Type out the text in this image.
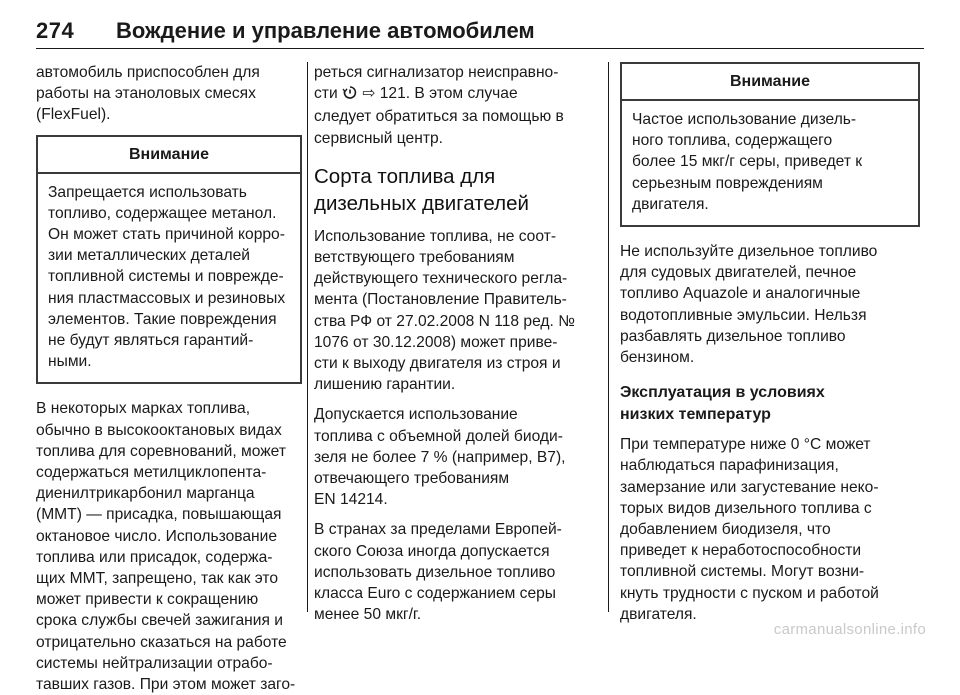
274 Вождение и управление автомобилем

автомобиль приспособлен для
работы на этаноловых смесях
(FlexFuel).

Внимание
Запрещается использовать
топливо, содержащее метанол.
Он может стать причиной корро-
зии металлических деталей
топливной системы и поврежде-
ния пластмассовых и резиновых
элементов. Такие повреждения
не будут являться гарантий-
ными.

В некоторых марках топлива,
обычно в высокооктановых видах
топлива для соревнований, может
содержаться метилциклопента-
диенилтрикарбонил марганца
(ММТ) — присадка, повышающая
октановое число. Использование
топлива или присадок, содержа-
щих ММТ, запрещено, так как это
может привести к сокращению
срока службы свечей зажигания и
отрицательно сказаться на работе
системы нейтрализации отрабо-
тавших газов. При этом может заго-

реться сигнализатор неисправно-
сти  ⇨ 121. В этом случае

следует обратиться за помощью в
сервисный центр.

Сорта топлива для
дизельных двигателей

Использование топлива, не соот-
ветствующего требованиям
действующего технического регла-
мента (Постановление Правитель-
ства РФ от 27.02.2008 N 118 ред. №
1076 от 30.12.2008) может приве-
сти к выходу двигателя из строя и
лишению гарантии.

Допускается использование
топлива с объемной долей биоди-
зеля не более 7 % (например, В7),
отвечающего требованиям
EN 14214.

В странах за пределами Европей-
ского Союза иногда допускается
использовать дизельное топливо
класса Euro с содержанием серы
менее 50 мкг/г.

Внимание
Частое использование дизель-
ного топлива, содержащего
более 15 мкг/г серы, приведет к
серьезным повреждениям
двигателя.

Не используйте дизельное топливо
для судовых двигателей, печное
топливо Aquazole и аналогичные
водотопливные эмульсии. Нельзя
разбавлять дизельное топливо
бензином.

Эксплуатация в условиях
низких температур

При температуре ниже 0 °C может
наблюдаться парафинизация,
замерзание или загустевание неко-
торых видов дизельного топлива с
добавлением биодизеля, что
приведет к неработоспособности
топливной системы. Могут возни-
кнуть трудности с пуском и работой
двигателя.

carmanualsonline.info
